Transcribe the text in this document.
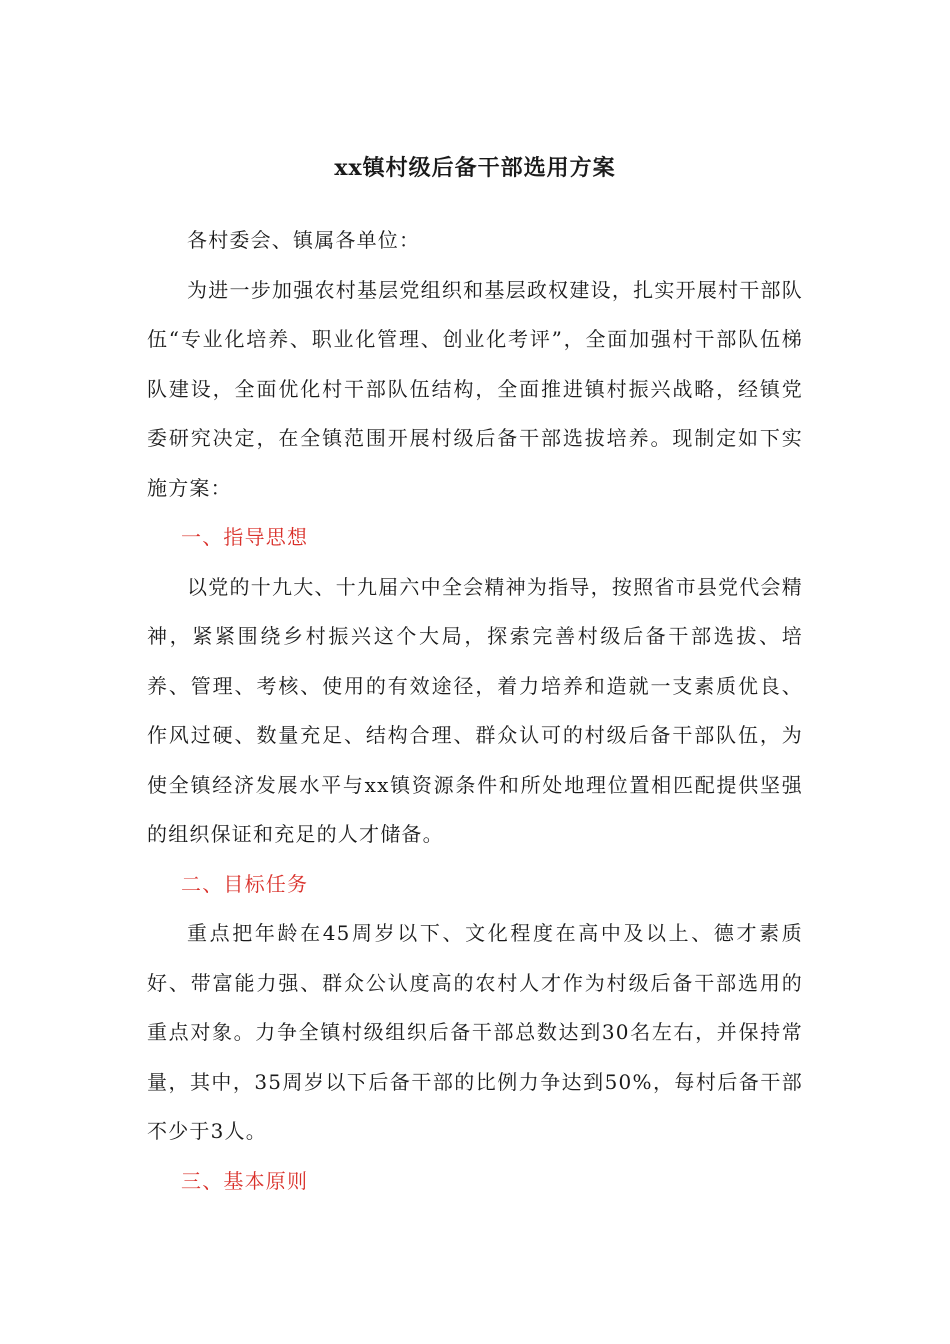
xx镇村级后备干部选用方案

各村委会、镇属各单位：

为进一步加强农村基层党组织和基层政权建设，扎实开展村干部队伍“专业化培养、职业化管理、创业化考评”，全面加强村干部队伍梯队建设，全面优化村干部队伍结构，全面推进镇村振兴战略，经镇党委研究决定，在全镇范围开展村级后备干部选拔培养。现制定如下实施方案：

一、指导思想

以党的十九大、十九届六中全会精神为指导，按照省市县党代会精神，紧紧围绕乡村振兴这个大局，探索完善村级后备干部选拔、培养、管理、考核、使用的有效途径，着力培养和造就一支素质优良、作风过硬、数量充足、结构合理、群众认可的村级后备干部队伍，为使全镇经济发展水平与xx镇资源条件和所处地理位置相匹配提供坚强的组织保证和充足的人才储备。

二、目标任务

重点把年龄在45周岁以下、文化程度在高中及以上、德才素质好、带富能力强、群众公认度高的农村人才作为村级后备干部选用的重点对象。力争全镇村级组织后备干部总数达到30名左右，并保持常量，其中，35周岁以下后备干部的比例力争达到50%，每村后备干部不少于3人。

三、基本原则
